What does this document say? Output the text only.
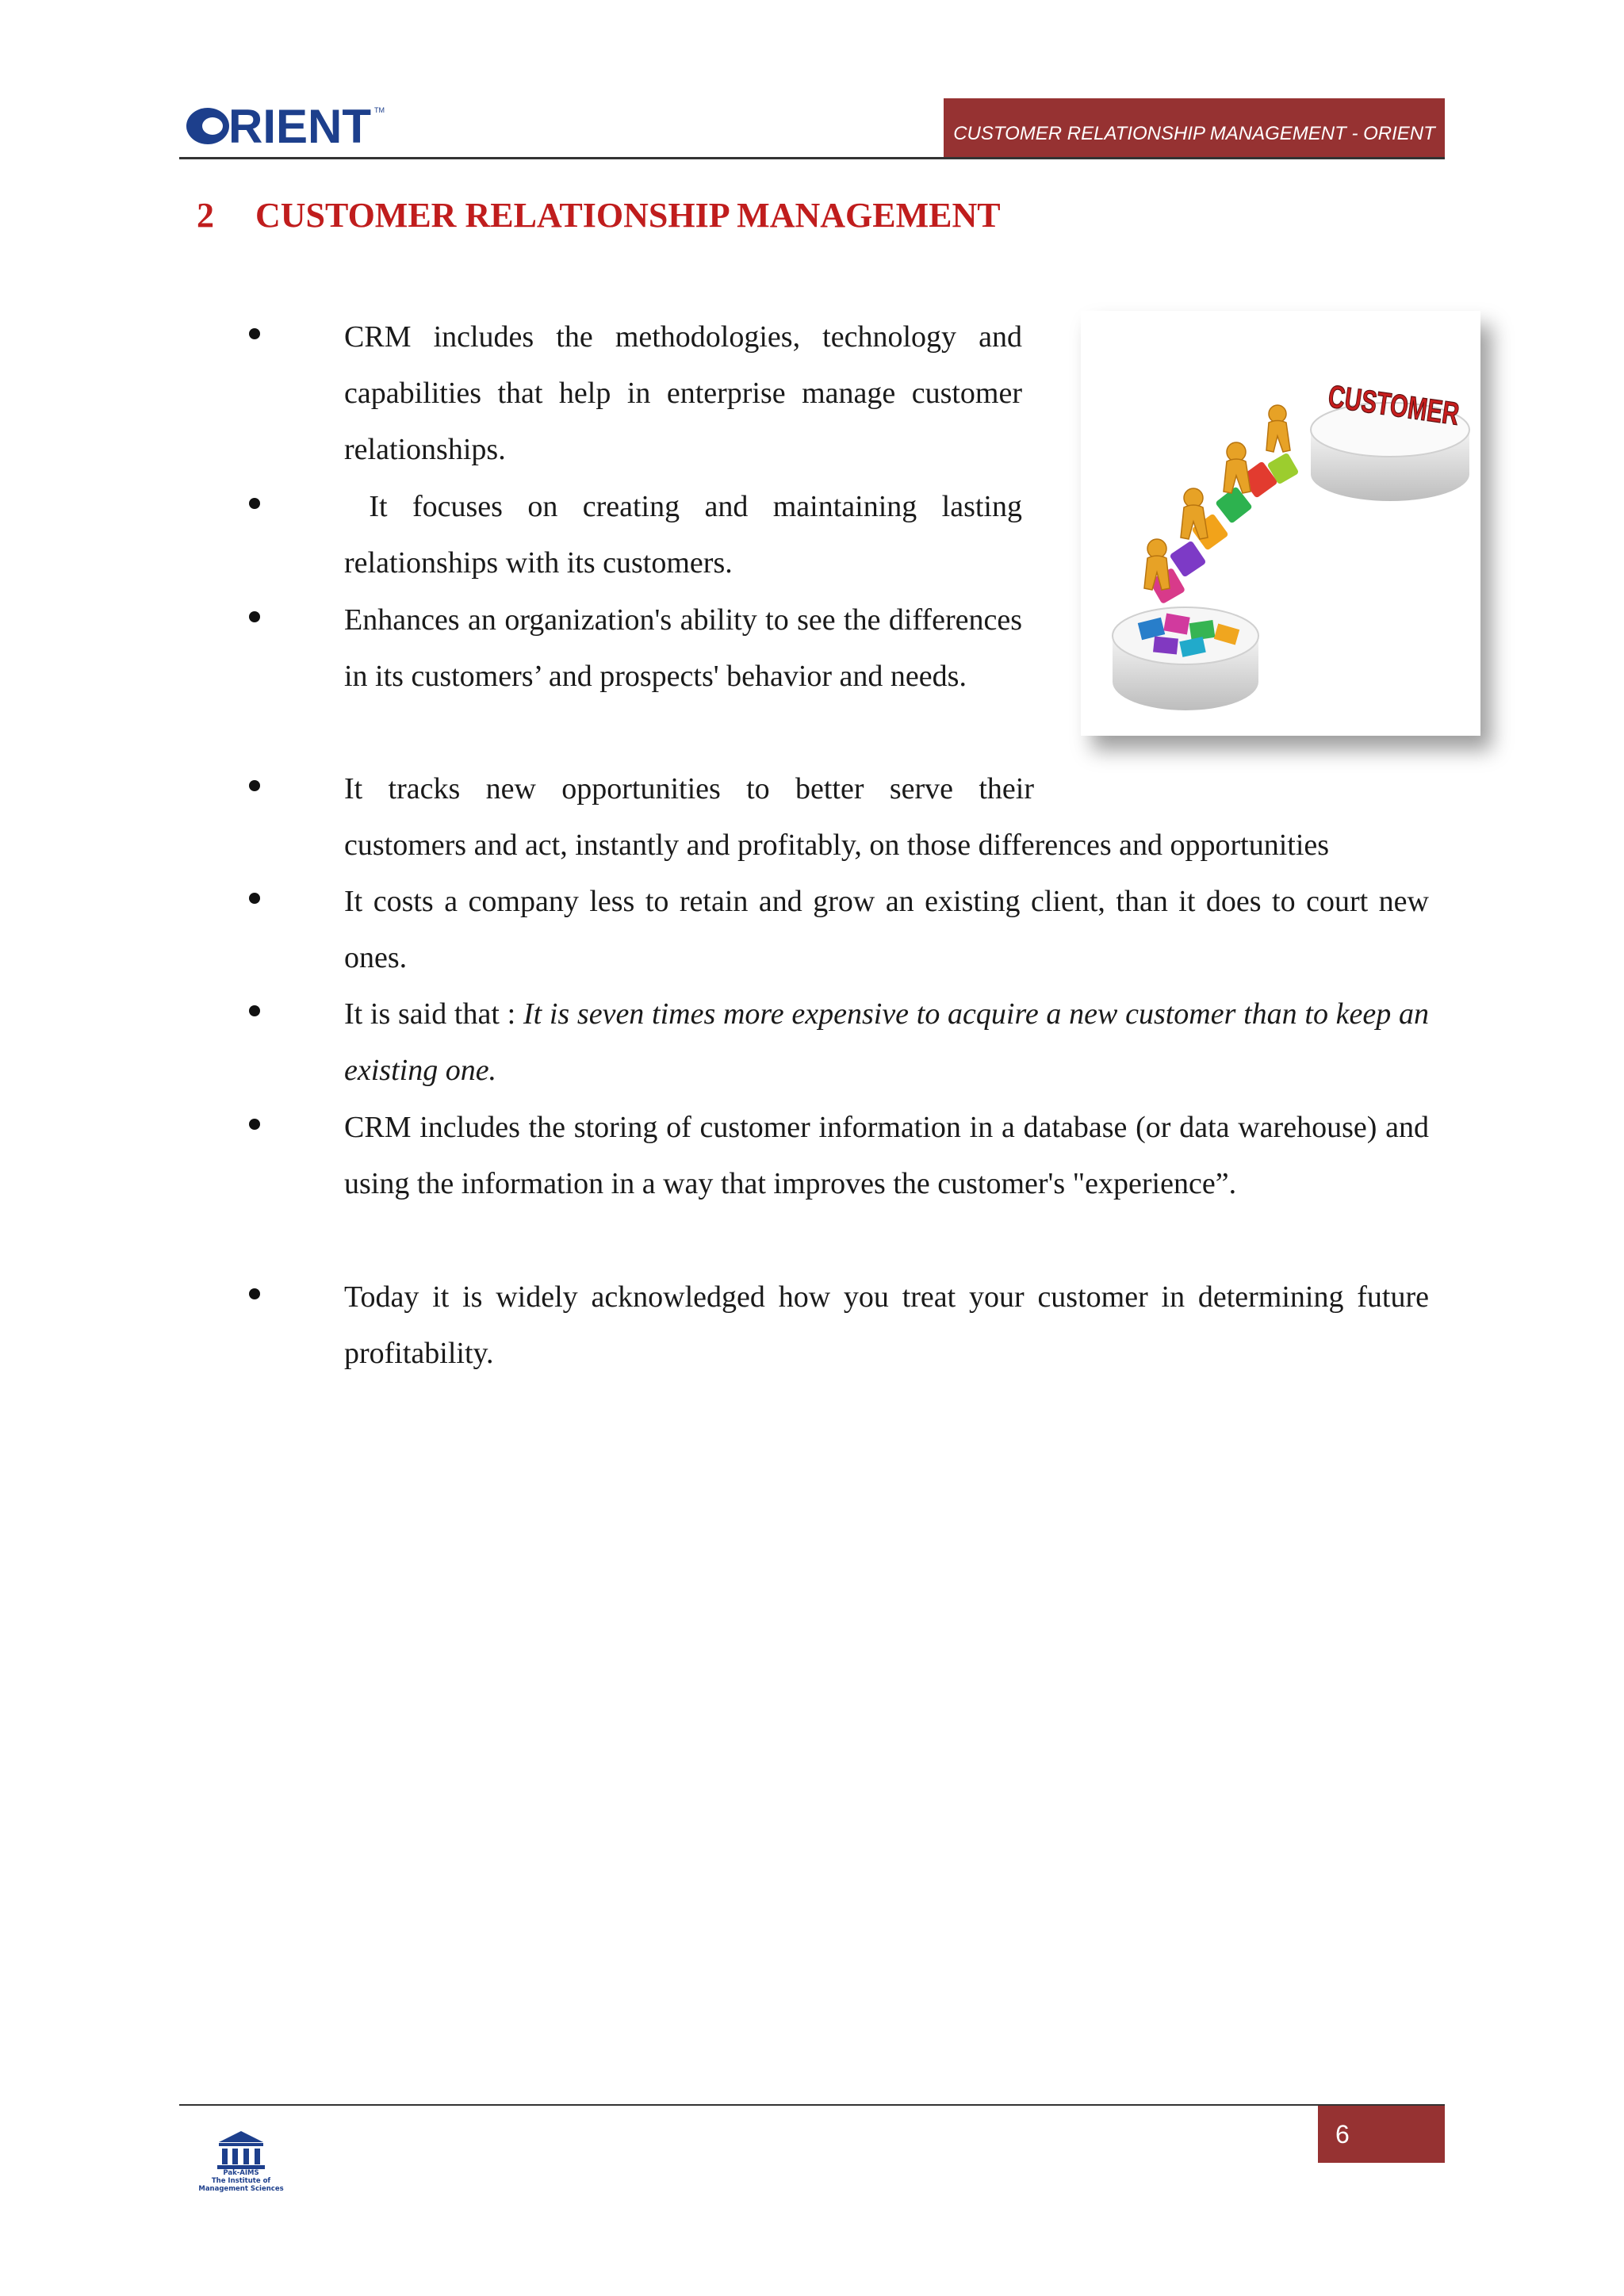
RIENT TM
CUSTOMER RELATIONSHIP MANAGEMENT - ORIENT
2	CUSTOMER RELATIONSHIP MANAGEMENT
CUSTOMER

CRM includes the methodologies, technology and capabilities that help in enterprise manage customer relationships.

It focuses on creating and maintaining lasting relationships with its customers.

Enhances an organization's ability to see the differences in its customers’ and prospects' behavior and needs.

It tracks new opportunities to better serve their

customers and act, instantly and profitably, on those differences and opportunities

It costs a company less to retain and grow an existing client, than it does to court new ones.

It is said that : It is seven times more expensive to acquire a new customer than to keep an existing one.

CRM includes the storing of customer information in a database (or data warehouse) and using the information in a way that improves the customer's "experience”.

Today it is widely acknowledged how you treat your customer in determining future profitability.

6
Pak-AIMS
The Institute of
Management Sciences
